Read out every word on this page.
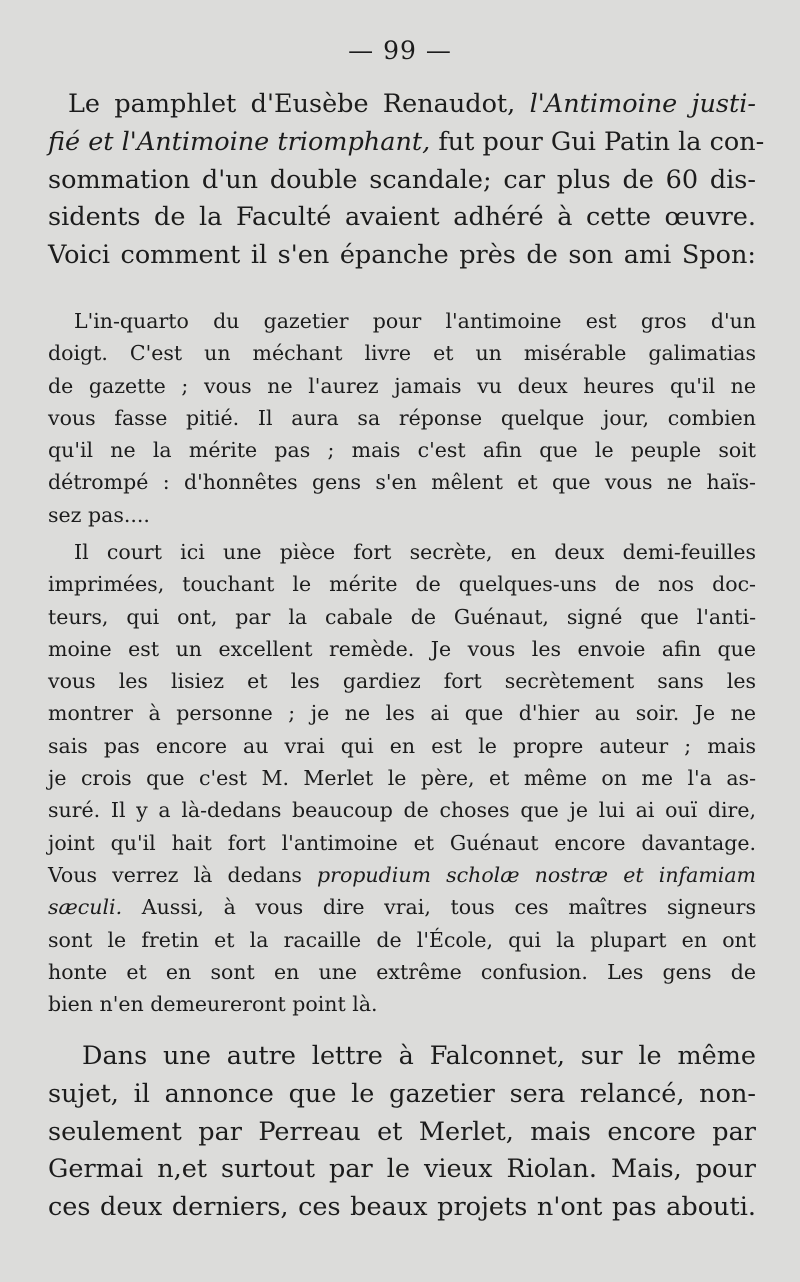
— 99 —
Le pamphlet d'Eusèbe Renaudot, l'Antimoine justi-
fié et l'Antimoine triomphant, fut pour Gui Patin la con-
sommation d'un double scandale; car plus de 60 dis-
sidents de la Faculté avaient adhéré à cette œuvre.
Voici comment il s'en épanche près de son ami Spon:
L'in-quarto du gazetier pour l'antimoine est gros d'un
doigt. C'est un méchant livre et un misérable galimatias
de gazette ; vous ne l'aurez jamais vu deux heures qu'il ne
vous fasse pitié. Il aura sa réponse quelque jour, combien
qu'il ne la mérite pas ; mais c'est afin que le peuple soit
détrompé : d'honnêtes gens s'en mêlent et que vous ne haïs-
sez pas....
Il court ici une pièce fort secrète, en deux demi-feuilles
imprimées, touchant le mérite de quelques-uns de nos doc-
teurs, qui ont, par la cabale de Guénaut, signé que l'anti-
moine est un excellent remède. Je vous les envoie afin que
vous les lisiez et les gardiez fort secrètement sans les
montrer à personne ; je ne les ai que d'hier au soir. Je ne
sais pas encore au vrai qui en est le propre auteur ; mais
je crois que c'est M. Merlet le père, et même on me l'a as-
suré. Il y a là-dedans beaucoup de choses que je lui ai ouï dire,
joint qu'il hait fort l'antimoine et Guénaut encore davantage.
Vous verrez là dedans propudium scholæ nostræ et infamiam
sæculi. Aussi, à vous dire vrai, tous ces maîtres signeurs
sont le fretin et la racaille de l'École, qui la plupart en ont
honte et en sont en une extrême confusion. Les gens de
bien n'en demeureront point là.
Dans une autre lettre à Falconnet, sur le même
sujet, il annonce que le gazetier sera relancé, non-
seulement par Perreau et Merlet, mais encore par
Germai n,et surtout par le vieux Riolan. Mais, pour
ces deux derniers, ces beaux projets n'ont pas abouti.
